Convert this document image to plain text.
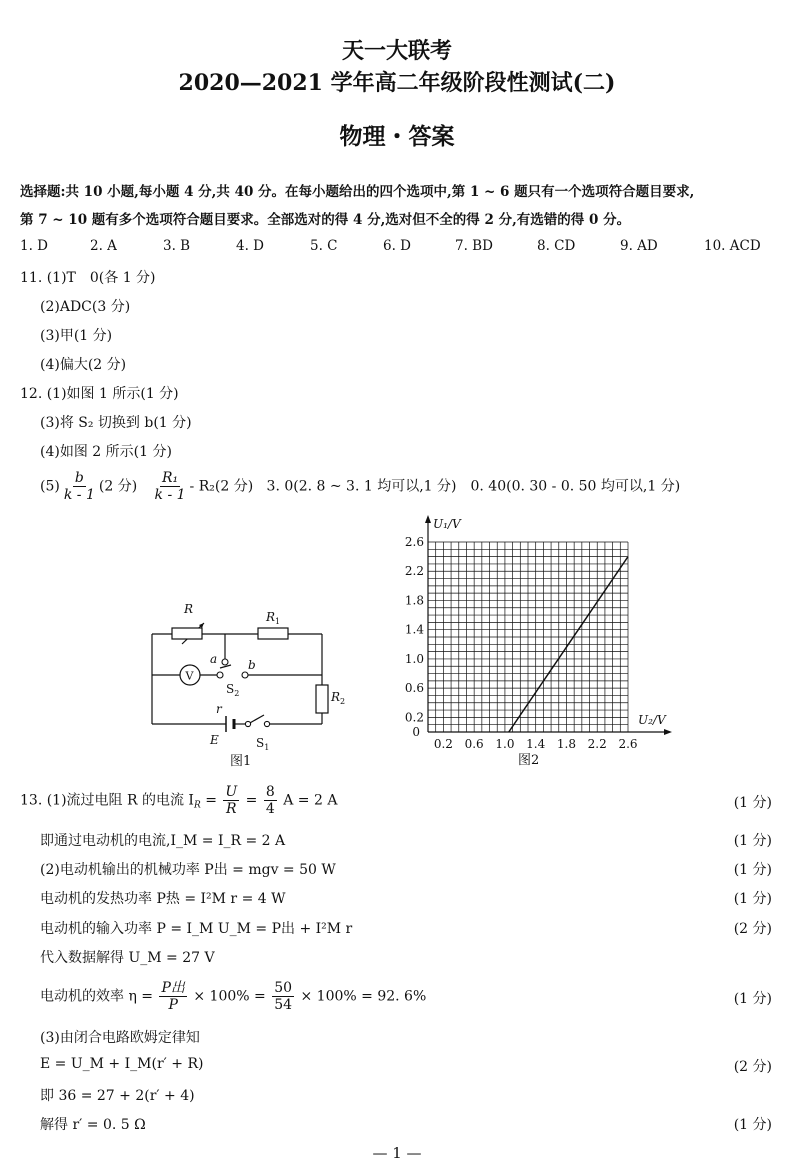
天一大联考
2020—2021 学年高二年级阶段性测试(二)
物理・答案
选择题:共 10 小题,每小题 4 分,共 40 分。在每小题给出的四个选项中,第 1 ~ 6 题只有一个选项符合题目要求,
第 7 ~ 10 题有多个选项符合题目要求。全部选对的得 4 分,选对但不全的得 2 分,有选错的得 0 分。
1. D	2. A	3. B	4. D	5. C	6. D	7. BD	8. CD	9. AD	10. ACD
11. (1)T　0(各 1 分)
(2)ADC(3 分)
(3)甲(1 分)
(4)偏大(2 分)
12. (1)如图 1 所示(1 分)
(3)将 S₂ 切换到 b(1 分)
(4)如图 2 所示(1 分)
$(5) \frac{b}{k - 1} (2$ 分) $\frac{\text{R₁}}{k - 1} - R_2(2$ 分) 3. 0(2. 8 ~ 3. 1 均可以,1 分)　0. 40(0. 30 - 0. 50 均可以,1 分)
R
$R_1$
$R_2$
V
a	b
$S_2$
r
E	$S_1$
图1
0.2
0.6
1.0
1.4
1.8
2.2
2.6
0.2 0.6 1.0 1.4 1.8 2.2 2.6
U₁/V
U₂/V
0
图2
13. (1)流过电阻 R 的电流 $I_R = \frac{U}{R} = \frac{8}{4}$ A = 2 A	(1 分)
即通过电动机的电流,I_M = I_R = 2 A	(1 分)
(2)电动机输出的机械功率 P出 = mgv = 50 W	(1 分)
电动机的发热功率 P热 = I²M r = 4 W	(1 分)
电动机的输入功率 P = I_M U_M = P出 + I²M r	(2 分)
代入数据解得 U_M = 27 V
电动机的效率 $\eta = \frac{\text{P出}}{P} \times 100\% = \frac{50}{54} \times 100\% = 92$. 6%	(1 分)
(3)由闭合电路欧姆定律知
E = U_M + I_M(r′ + R)	(2 分)
即 36 = 27 + 2(r′ + 4)
解得 r′ = 0. 5 Ω	(1 分)
— 1 —
